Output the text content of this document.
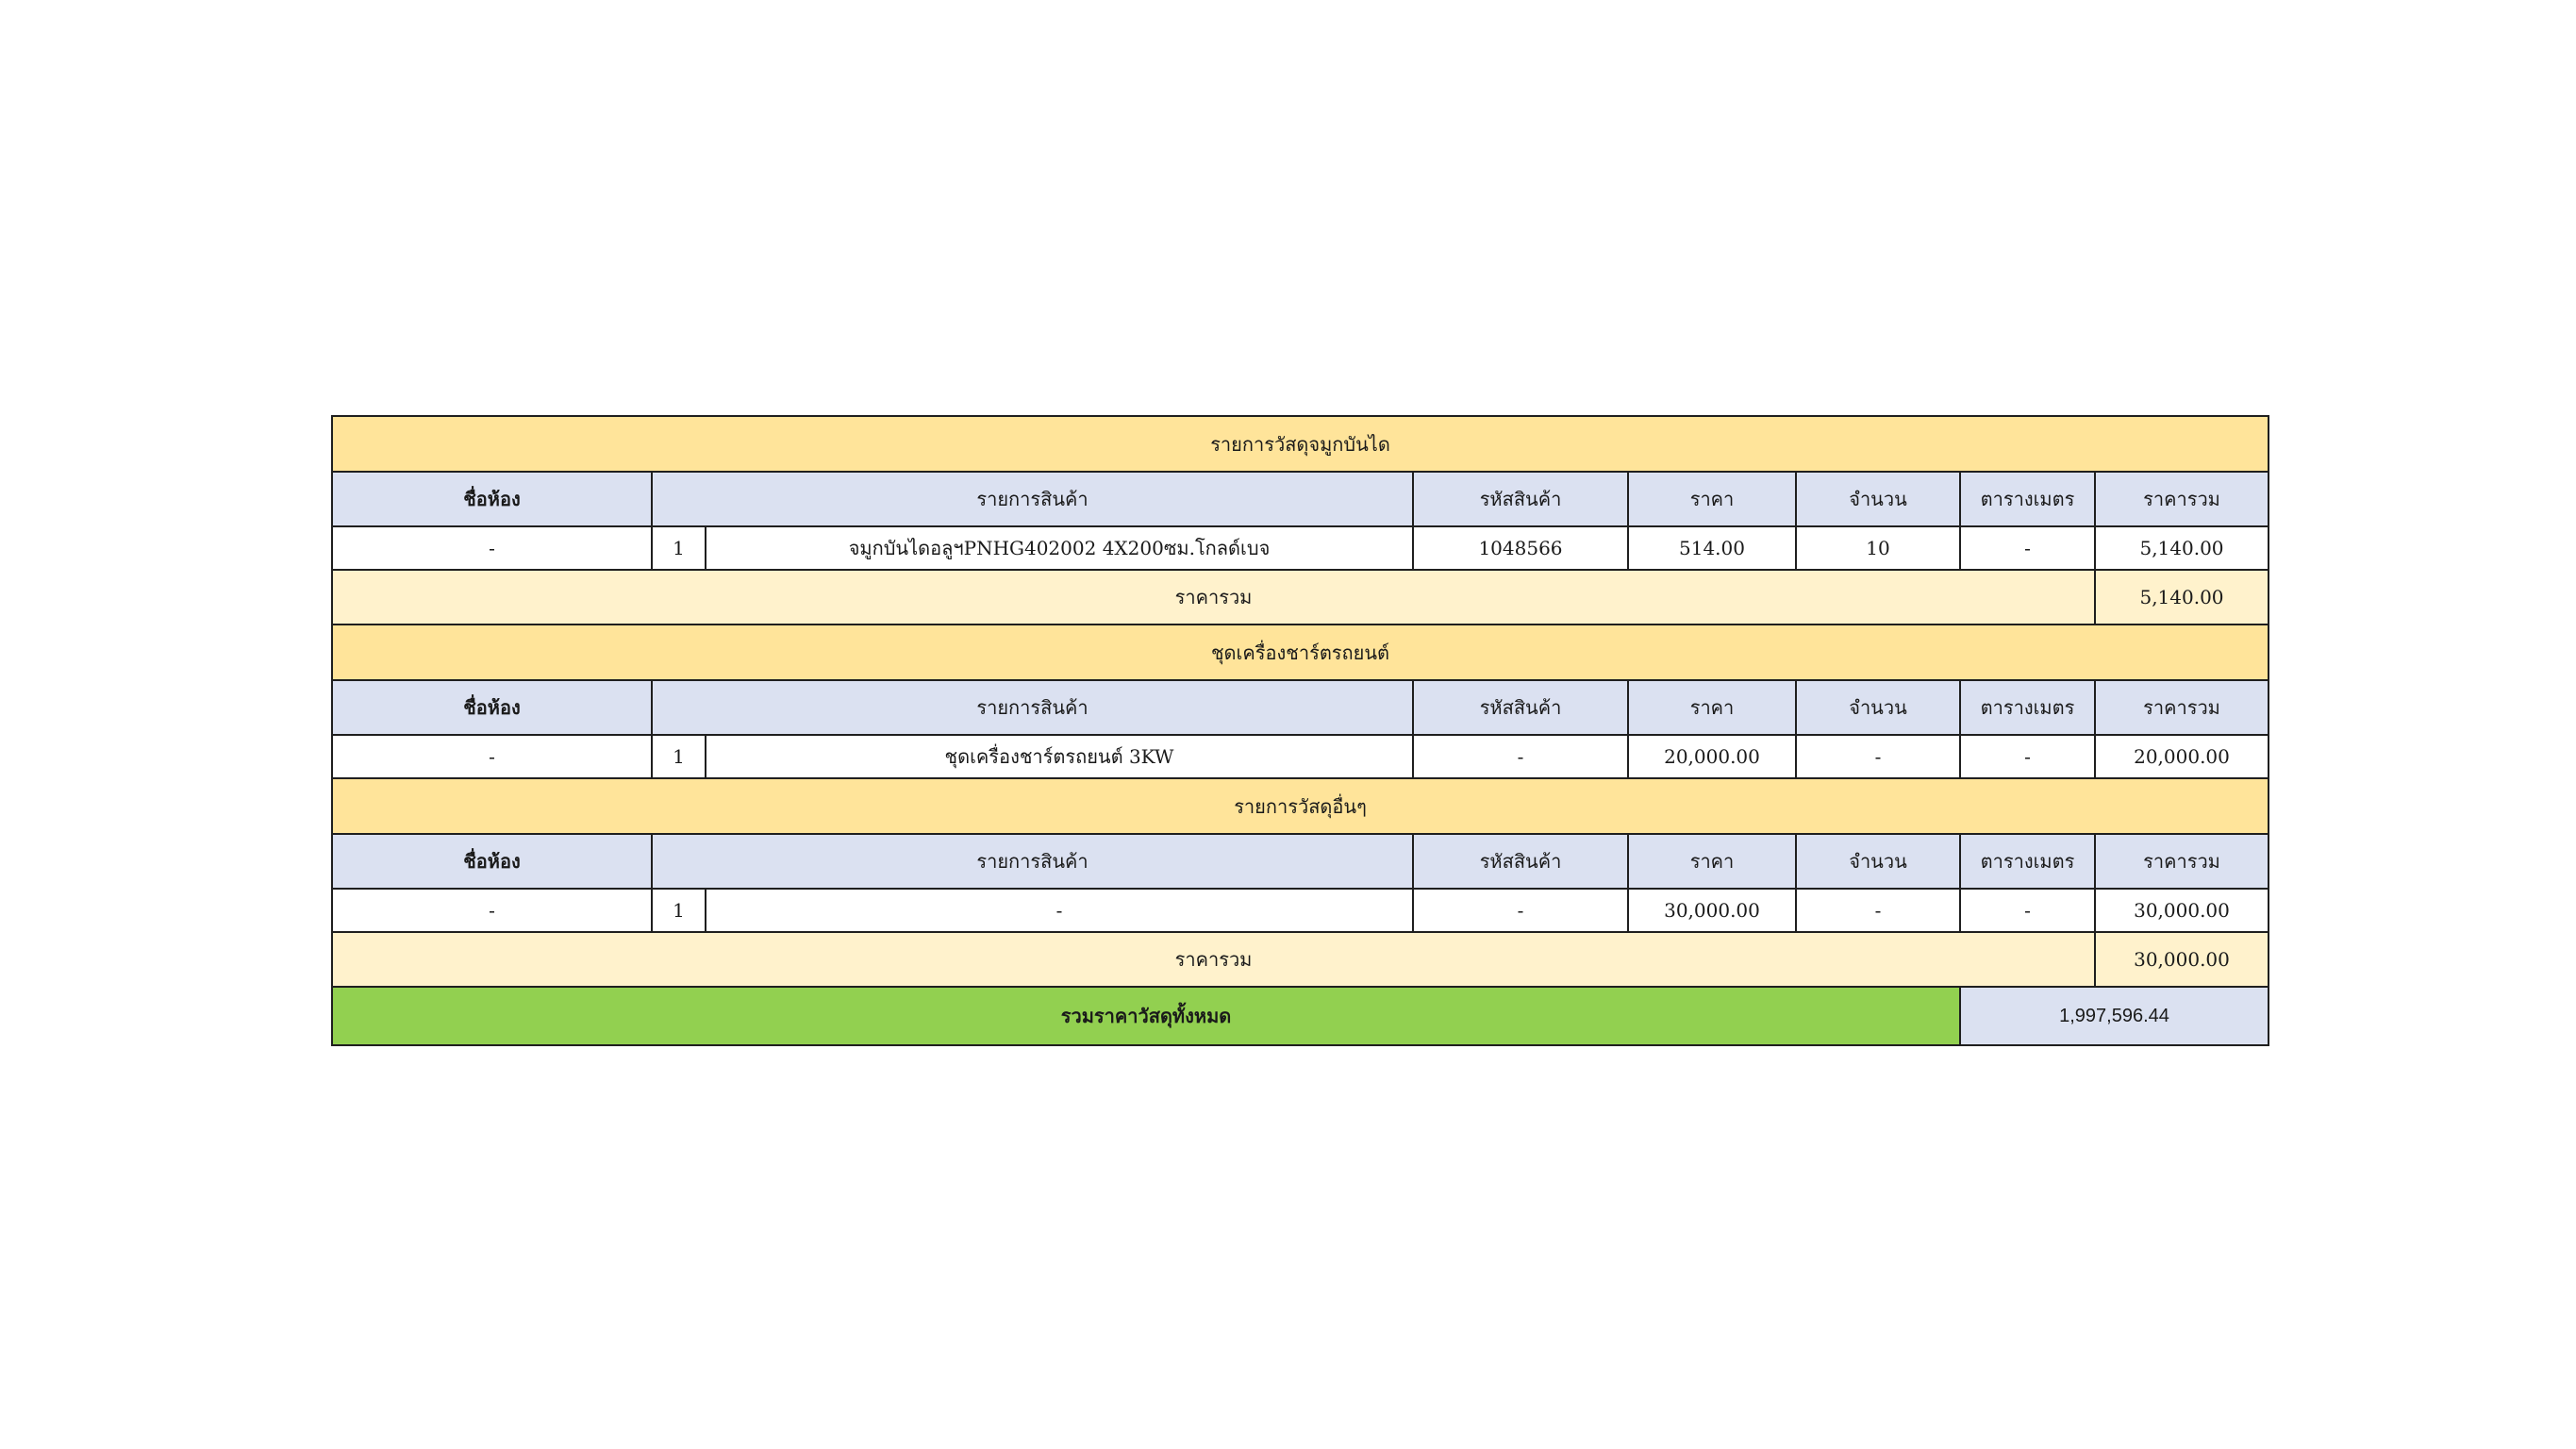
รายการวัสดุจมูกบันได							
ชื่อห้อง	รายการสินค้า		รหัสสินค้า	ราคา	จำนวน	ตารางเมตร	ราคารวม
-	1	จมูกบันไดอลูฯPNHG402002 4X200ซม.โกลด์เบจ	1048566	514.00	10	-	5,140.00
ราคารวม							5,140.00
ชุดเครื่องชาร์ตรถยนต์							
ชื่อห้อง	รายการสินค้า		รหัสสินค้า	ราคา	จำนวน	ตารางเมตร	ราคารวม
-	1	ชุดเครื่องชาร์ตรถยนต์ 3KW	-	20,000.00	-	-	20,000.00
รายการวัสดุอื่นๆ							
ชื่อห้อง	รายการสินค้า		รหัสสินค้า	ราคา	จำนวน	ตารางเมตร	ราคารวม
-	1	-	-	30,000.00	-	-	30,000.00
ราคารวม							30,000.00
รวมราคาวัสดุทั้งหมด						1,997,596.44	
